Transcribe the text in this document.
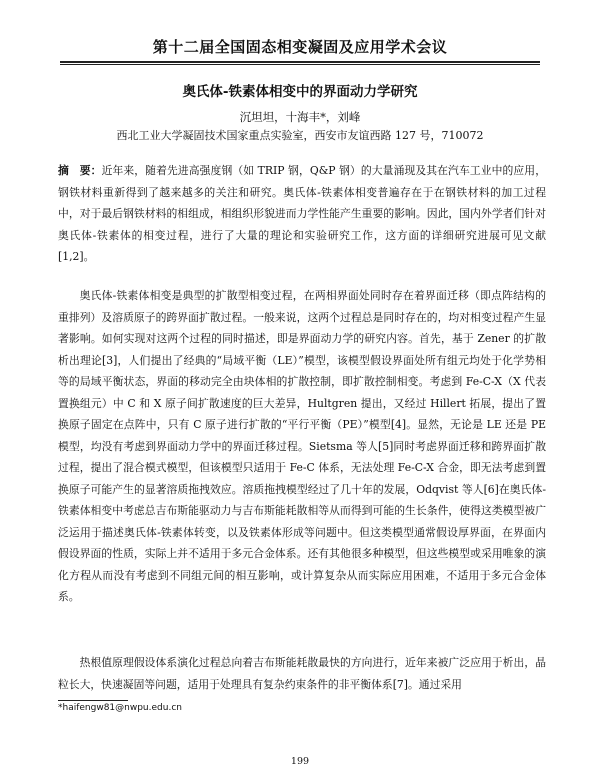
第十二届全国固态相变凝固及应用学术会议
奥氏体-铁素体相变中的界面动力学研究
沉坦坦，十海丰*，刘峰
西北工业大学凝固技术国家重点实验室，西安市友谊西路 127 号，710072

摘　要：近年来，随着先进高强度钢（如 TRIP 钢，Q&P 钢）的大量涌现及其在汽车工业中的应用，钢铁材料重新得到了越来越多的关注和研究。奥氏体-铁素体相变普遍存在于在钢铁材料的加工过程中，对于最后钢铁材料的相组成，相组织形貌进而力学性能产生重要的影响。因此，国内外学者们针对奥氏体-铁素体的相变过程，进行了大量的理论和实验研究工作，这方面的详细研究进展可见文献[1,2]。

奥氏体-铁素体相变是典型的扩散型相变过程，在两相界面处同时存在着界面迁移（即点阵结构的重排列）及溶质原子的跨界面扩散过程。一般来说，这两个过程总是同时存在的，均对相变过程产生显著影响。如何实现对这两个过程的同时描述，即是界面动力学的研究内容。首先，基于 Zener 的扩散析出理论[3]，人们提出了经典的“局域平衡（LE）”模型，该模型假设界面处所有组元均处于化学势相等的局域平衡状态，界面的移动完全由块体相的扩散控制，即扩散控制相变。考虑到 Fe-C-X（X 代表置换组元）中 C 和 X 原子间扩散速度的巨大差异，Hultgren 提出，又经过 Hillert 拓展，提出了置换原子固定在点阵中，只有 C 原子进行扩散的“平行平衡（PE）”模型[4]。显然，无论是 LE 还是 PE 模型，均没有考虑到界面动力学中的界面迁移过程。Sietsma 等人[5]同时考虑界面迁移和跨界面扩散过程，提出了混合模式模型，但该模型只适用于 Fe-C 体系，无法处理 Fe-C-X 合金，即无法考虑到置换原子可能产生的显著溶质拖拽效应。溶质拖拽模型经过了几十年的发展，Odqvist 等人[6]在奥氏体-铁素体相变中考虑总吉布斯能驱动力与吉布斯能耗散相等从而得到可能的生长条件，使得这类模型被广泛运用于描述奥氏体-铁素体转变，以及铁素体形成等问题中。但这类模型通常假设厚界面，在界面内假设界面的性质，实际上并不适用于多元合金体系。还有其他很多种模型，但这些模型或采用唯象的演化方程从而没有考虑到不同组元间的相互影响，或计算复杂从而实际应用困难，不适用于多元合金体系。

热根值原理假设体系演化过程总向着吉布斯能耗散最快的方向进行，近年来被广泛应用于析出，晶粒长大，快速凝固等问题，适用于处理具有复杂约束条件的非平衡体系[7]。通过采用

*haifengw81@nwpu.edu.cn
199
